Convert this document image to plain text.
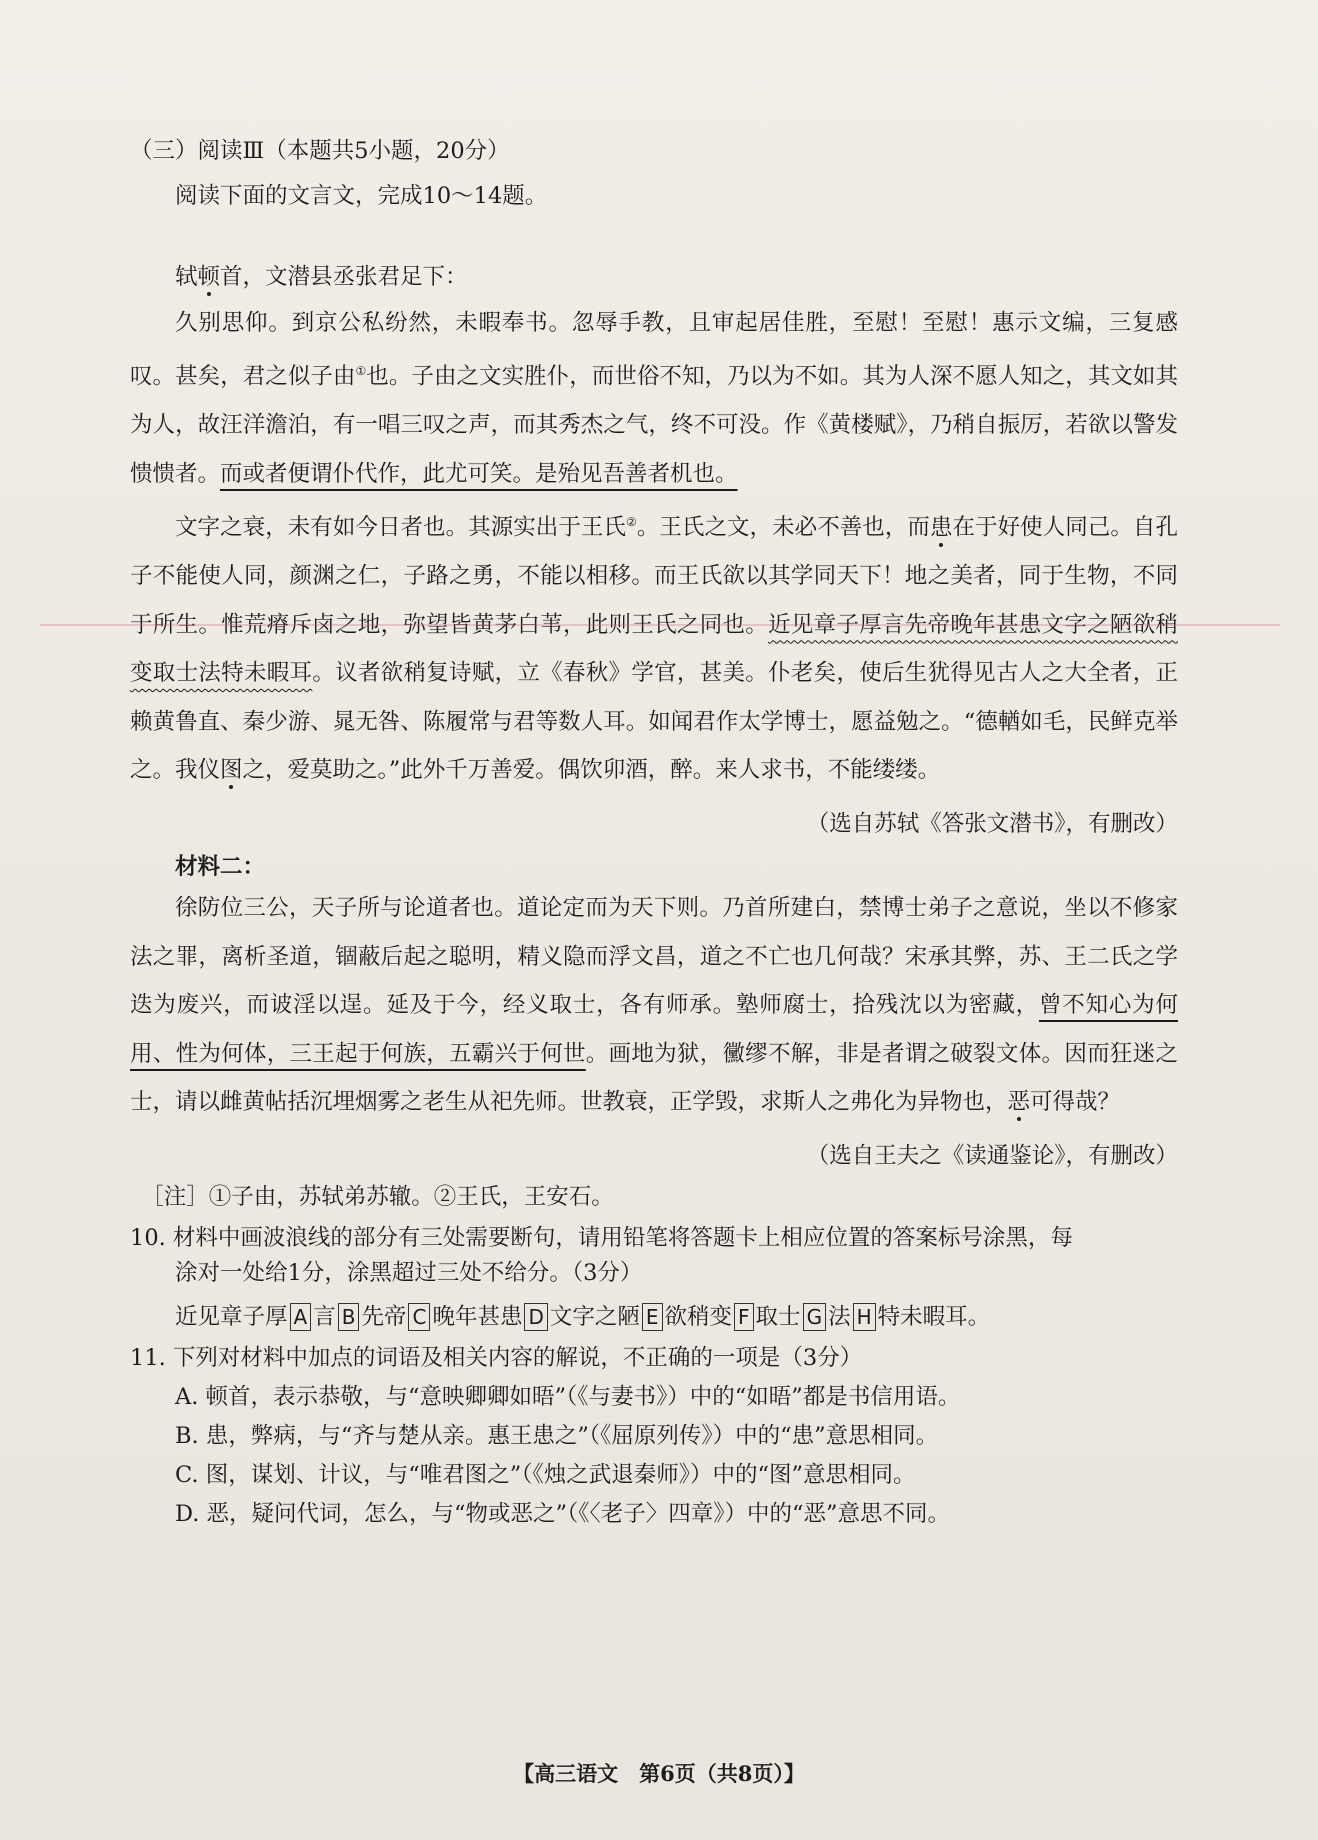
（三）阅读Ⅲ（本题共5小题，20分）
阅读下面的文言文，完成10～14题。
轼顿首，文潜县丞张君足下：

久别思仰。到京公私纷然，未暇奉书。忽辱手教，且审起居佳胜，至慰！至慰！惠示文编，三复感叹。甚矣，君之似子由①也。子由之文实胜仆，而世俗不知，乃以为不如。其为人深不愿人知之，其文如其为人，故汪洋澹泊，有一唱三叹之声，而其秀杰之气，终不可没。作《黄楼赋》，乃稍自振厉，若欲以警发愦愦者。而或者便谓仆代作，此尤可笑。是殆见吾善者机也。

文字之衰，未有如今日者也。其源实出于王氏②。王氏之文，未必不善也，而患在于好使人同己。自孔子不能使人同，颜渊之仁，子路之勇，不能以相移。而王氏欲以其学同天下！地之美者，同于生物，不同于所生。惟荒瘠斥卤之地，弥望皆黄茅白苇，此则王氏之同也。近见章子厚言先帝晚年甚患文字之陋欲稍变取士法特未暇耳。议者欲稍复诗赋，立《春秋》学官，甚美。仆老矣，使后生犹得见古人之大全者，正赖黄鲁直、秦少游、晁无咎、陈履常与君等数人耳。如闻君作太学博士，愿益勉之。“德輶如毛，民鲜克举之。我仪图之，爱莫助之。”此外千万善爱。偶饮卯酒，醉。来人求书，不能缕缕。

（选自苏轼《答张文潜书》，有删改）
材料二：

徐防位三公，天子所与论道者也。道论定而为天下则。乃首所建白，禁博士弟子之意说，坐以不修家法之罪，离析圣道，锢蔽后起之聪明，精义隐而浮文昌，道之不亡也几何哉？宋承其弊，苏、王二氏之学迭为废兴，而诐淫以逞。延及于今，经义取士，各有师承。塾师腐士，拾残沈以为密藏，曾不知心为何用、性为何体，三王起于何族，五霸兴于何世。画地为狱，黴缪不解，非是者谓之破裂文体。因而狂迷之士，请以雌黄帖括沉埋烟雾之老生从祀先师。世教衰，正学毁，求斯人之弗化为异物也，恶可得哉？

（选自王夫之《读通鉴论》，有删改）
［注］①子由，苏轼弟苏辙。②王氏，王安石。
10. 材料中画波浪线的部分有三处需要断句，请用铅笔将答题卡上相应位置的答案标号涂黑，每
涂对一处给1分，涂黑超过三处不给分。（3分）
近见章子厚 A 言 B 先帝 C 晚年甚患 D 文字之陋 E 欲稍变 F 取士 G 法 H 特未暇耳。
11. 下列对材料中加点的词语及相关内容的解说，不正确的一项是（3分）
A. 顿首，表示恭敬，与“意映卿卿如晤”（《与妻书》）中的“如晤”都是书信用语。
B. 患，弊病，与“齐与楚从亲。惠王患之”（《屈原列传》）中的“患”意思相同。
C. 图，谋划、计议，与“唯君图之”（《烛之武退秦师》）中的“图”意思相同。
D. 恶，疑问代词，怎么，与“物或恶之”（《〈老子〉四章》）中的“恶”意思不同。
【高三语文　第6页（共8页）】
